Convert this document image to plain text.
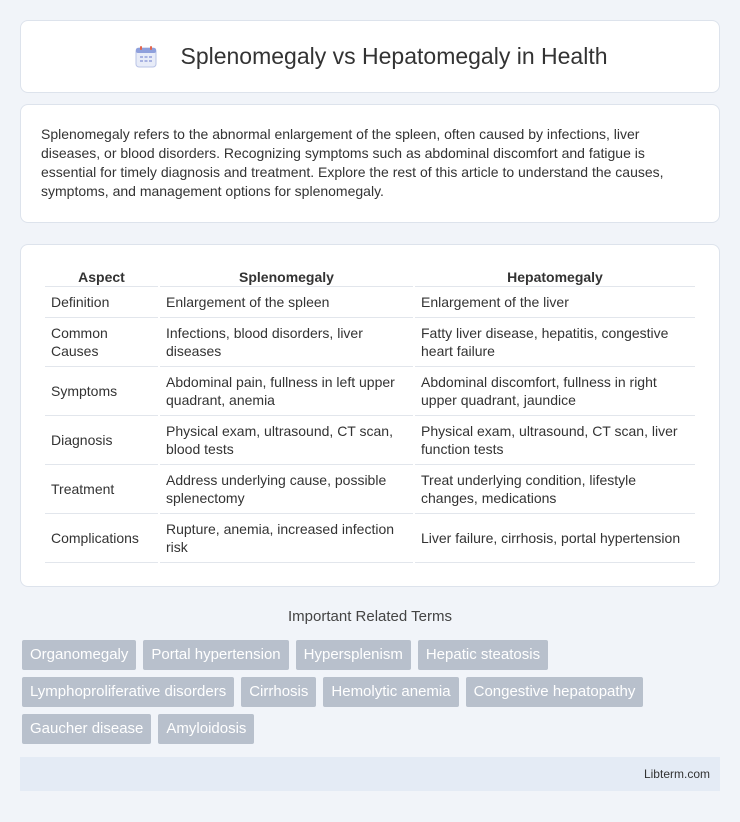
Splenomegaly vs Hepatomegaly in Health

Splenomegaly refers to the abnormal enlargement of the spleen, often caused by infections, liver diseases, or blood disorders. Recognizing symptoms such as abdominal discomfort and fatigue is essential for timely diagnosis and treatment. Explore the rest of this article to understand the causes, symptoms, and management options for splenomegaly.

Aspect	Splenomegaly	Hepatomegaly
Definition	Enlargement of the spleen	Enlargement of the liver
Common Causes	Infections, blood disorders, liver diseases	Fatty liver disease, hepatitis, congestive heart failure
Symptoms	Abdominal pain, fullness in left upper quadrant, anemia	Abdominal discomfort, fullness in right upper quadrant, jaundice
Diagnosis	Physical exam, ultrasound, CT scan, blood tests	Physical exam, ultrasound, CT scan, liver function tests
Treatment	Address underlying cause, possible splenectomy	Treat underlying condition, lifestyle changes, medications
Complications	Rupture, anemia, increased infection risk	Liver failure, cirrhosis, portal hypertension
Important Related Terms
Organomegaly	Portal hypertension	Hypersplenism	Hepatic steatosis
Lymphoproliferative disorders	Cirrhosis	Hemolytic anemia	Congestive hepatopathy
Gaucher disease	Amyloidosis
Libterm.com
